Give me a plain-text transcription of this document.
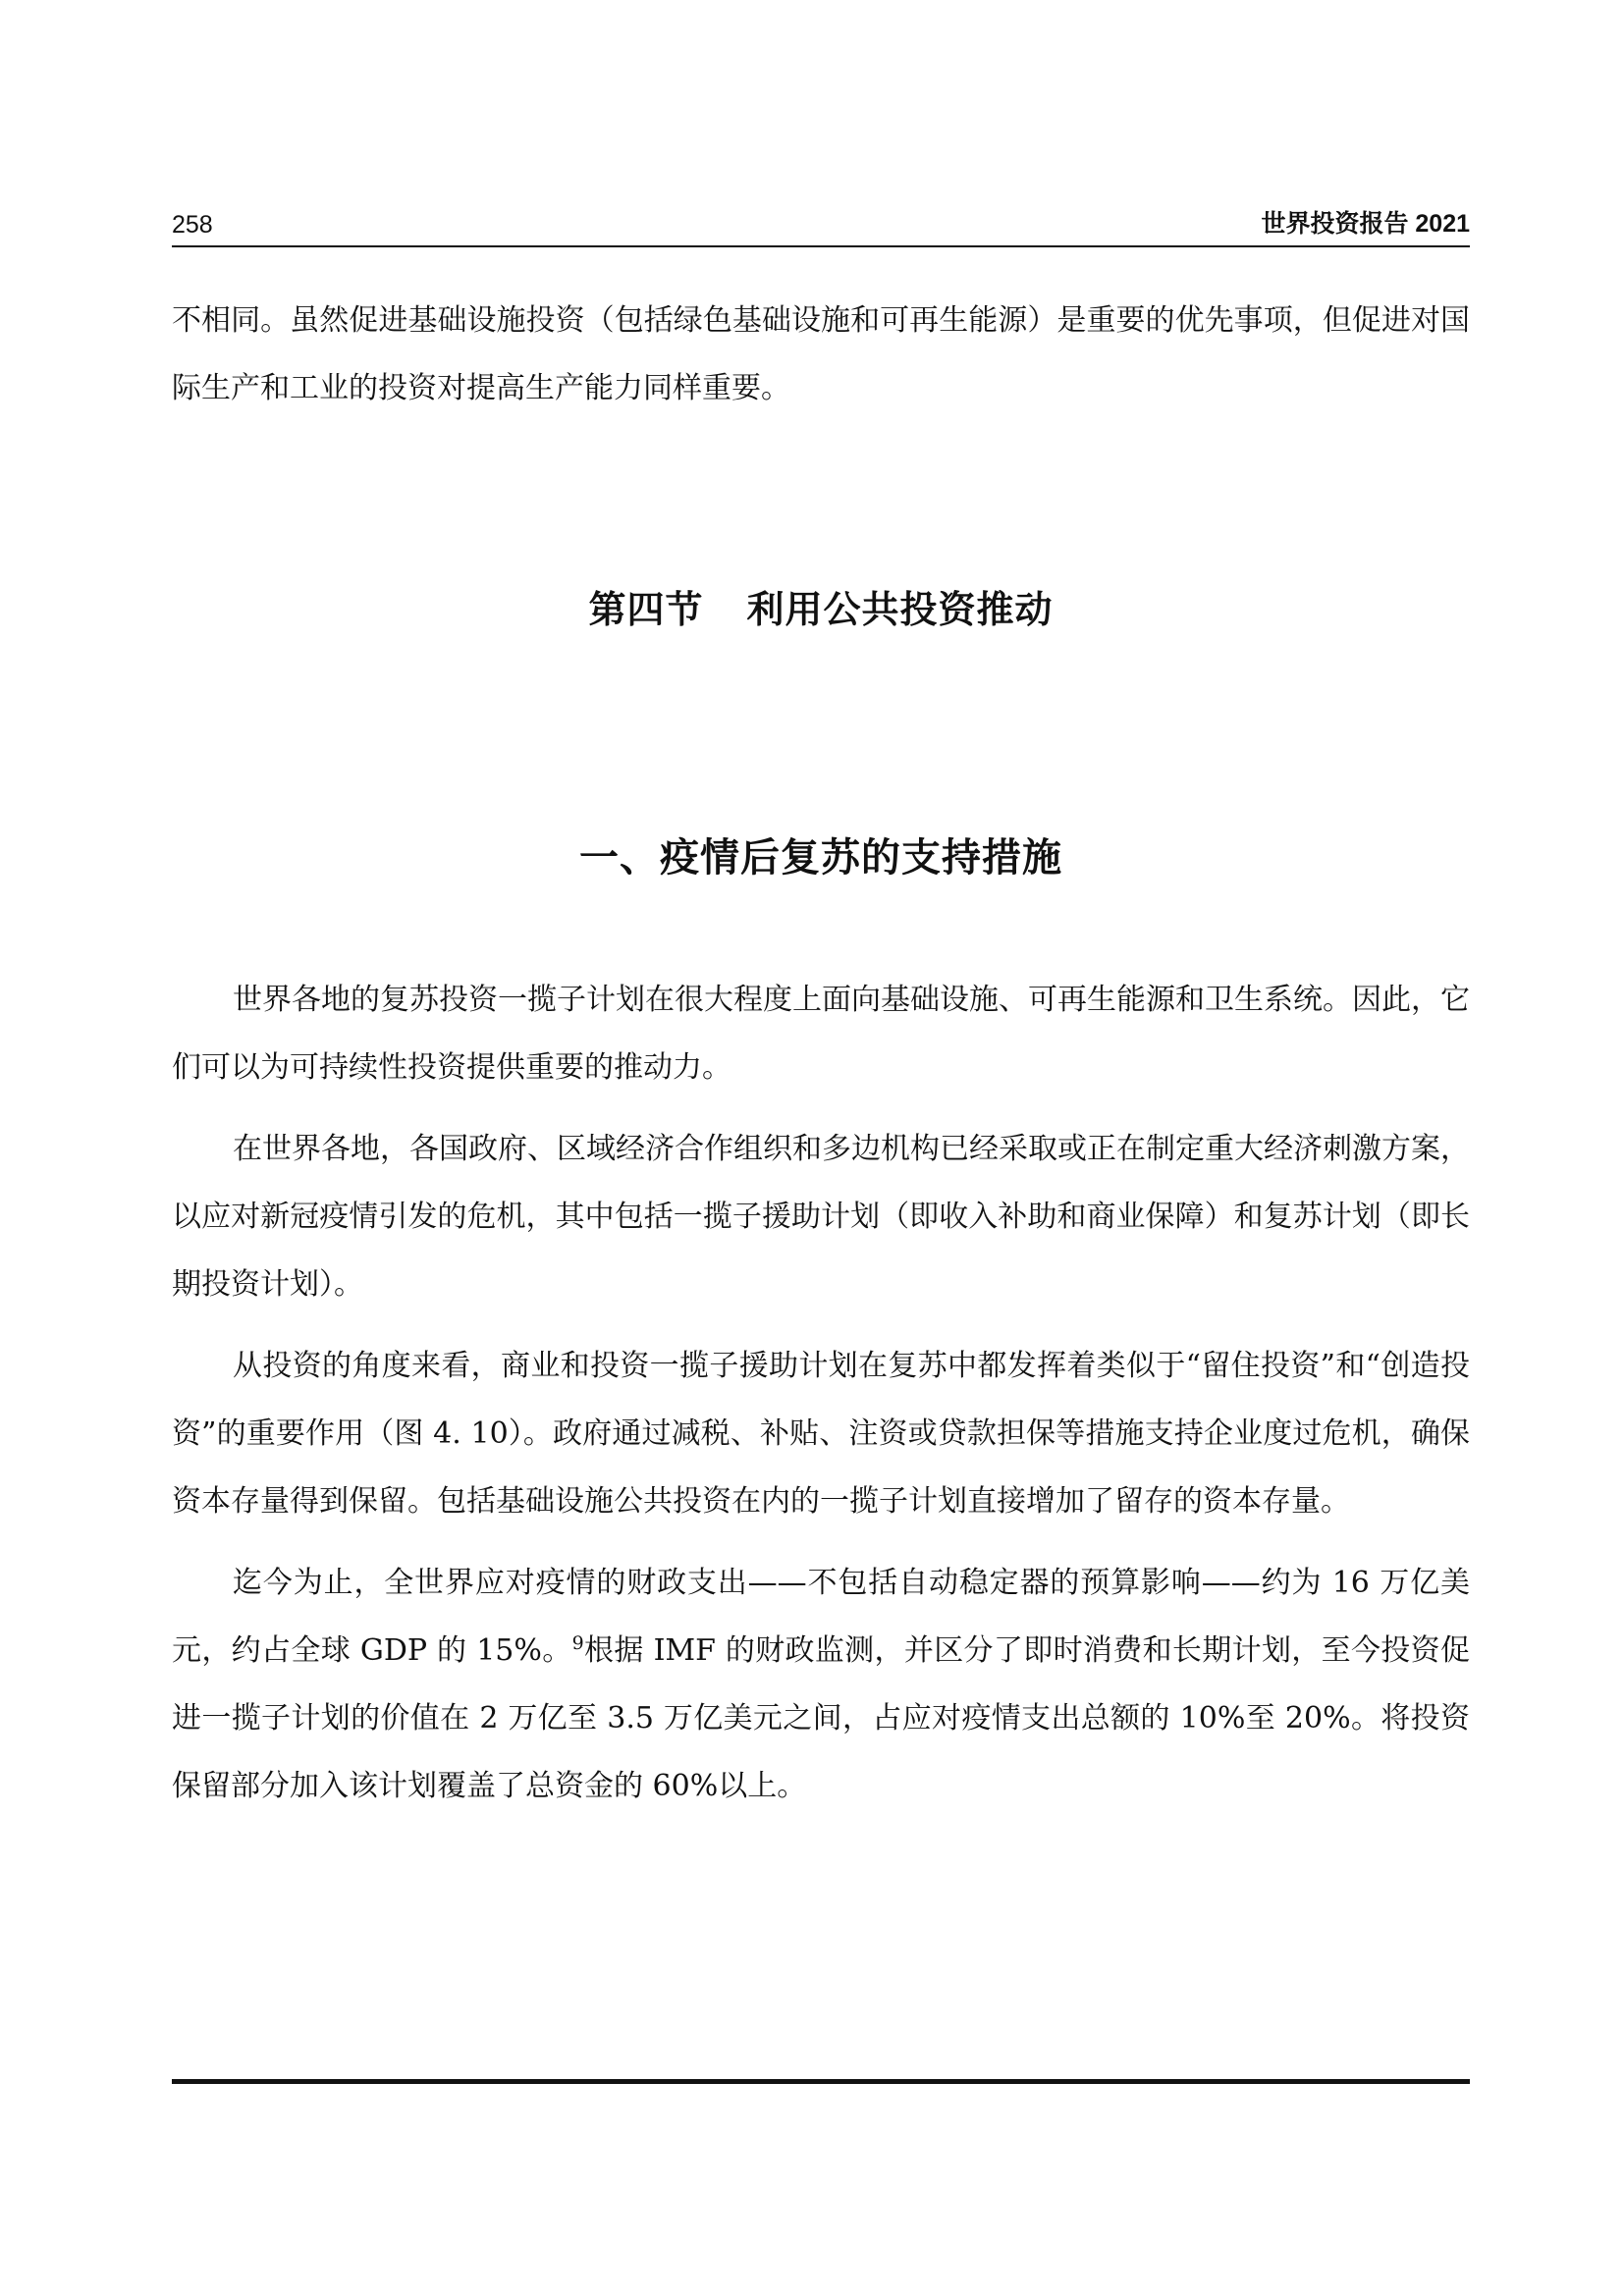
258	世界投资报告 2021

不相同。虽然促进基础设施投资（包括绿色基础设施和可再生能源）是重要的优先事项，但促进对国际生产和工业的投资对提高生产能力同样重要。

第四节 利用公共投资推动
一、疫情后复苏的支持措施

世界各地的复苏投资一揽子计划在很大程度上面向基础设施、可再生能源和卫生系统。因此，它们可以为可持续性投资提供重要的推动力。

在世界各地，各国政府、区域经济合作组织和多边机构已经采取或正在制定重大经济刺激方案，以应对新冠疫情引发的危机，其中包括一揽子援助计划（即收入补助和商业保障）和复苏计划（即长期投资计划）。

从投资的角度来看，商业和投资一揽子援助计划在复苏中都发挥着类似于“留住投资”和“创造投资”的重要作用（图 4. 10）。政府通过减税、补贴、注资或贷款担保等措施支持企业度过危机，确保资本存量得到保留。包括基础设施公共投资在内的一揽子计划直接增加了留存的资本存量。

迄今为止，全世界应对疫情的财政支出——不包括自动稳定器的预算影响——约为 16 万亿美元，约占全球 GDP 的 15%。$^9$根据 IMF 的财政监测，并区分了即时消费和长期计划，至今投资促进一揽子计划的价值在 2 万亿至 3.5 万亿美元之间，占应对疫情支出总额的 10%至 20%。将投资保留部分加入该计划覆盖了总资金的 60%以上。
